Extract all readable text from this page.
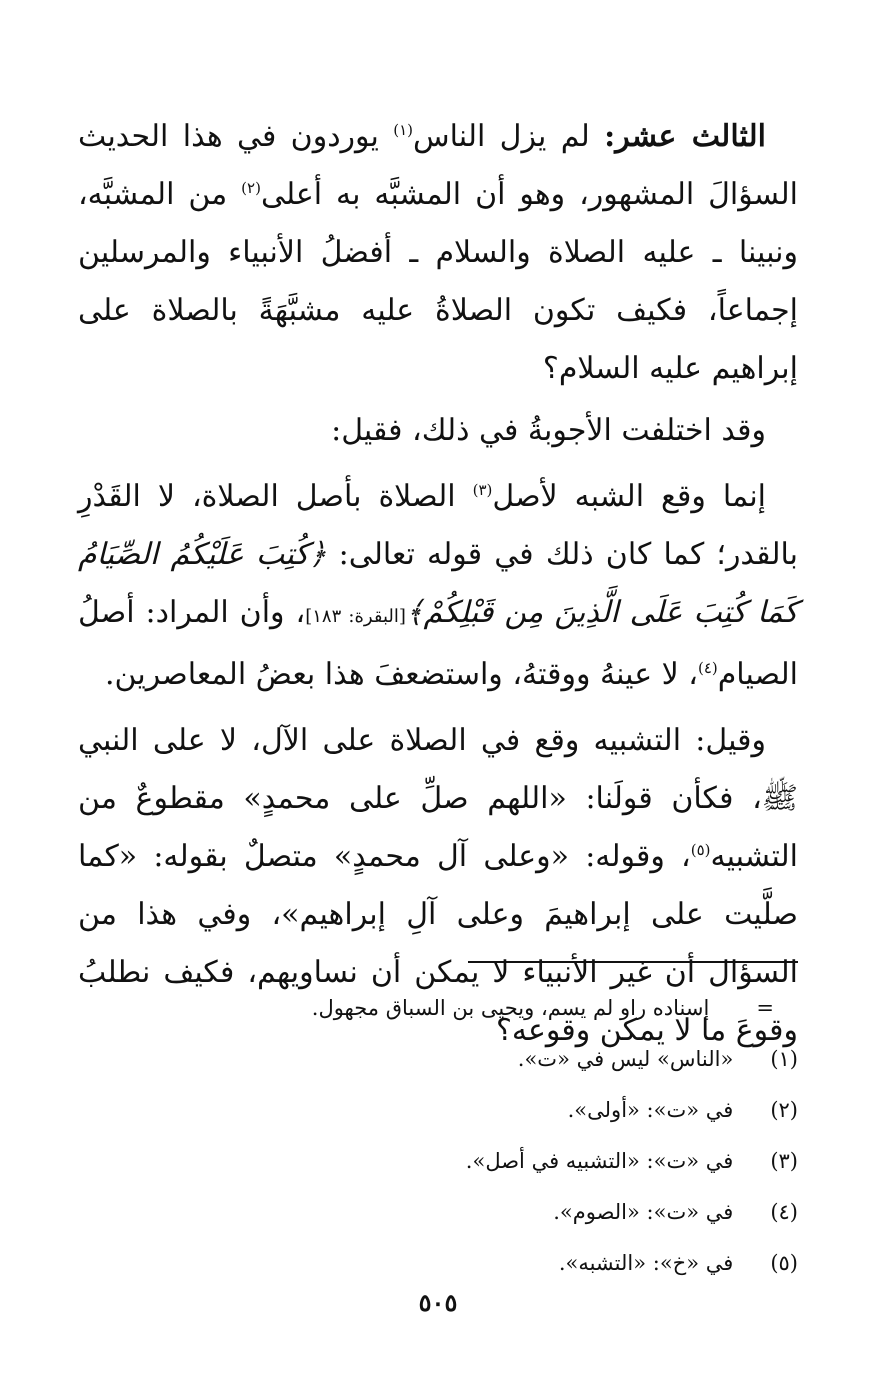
الثالث عشر: لم يزل الناس$^{(١)}$ يوردون في هذا الحديث السؤالَ المشهور، وهو أن المشبَّه به أعلى$^{(٢)}$ من المشبَّه، ونبينا ـ عليه الصلاة والسلام ـ أفضلُ الأنبياء والمرسلين إجماعاً، فكيف تكون الصلاةُ عليه مشبَّهَةً بالصلاة على إبراهيم عليه السلام؟

وقد اختلفت الأجوبةُ في ذلك، فقيل:

إنما وقع الشبه لأصل$^{(٣)}$ الصلاة بأصل الصلاة، لا القَدْرِ بالقدر؛ كما كان ذلك في قوله تعالى: ﴿كُتِبَ عَلَيْكُمُ الصِّيَامُ كَمَا كُتِبَ عَلَى الَّذِينَ مِن قَبْلِكُمْ﴾[البقرة: ١٨٣]، وأن المراد: أصلُ الصيام$^{(٤)}$، لا عينهُ ووقتهُ، واستضعفَ هذا بعضُ المعاصرين.

وقيل: التشبيه وقع في الصلاة على الآل، لا على النبي ﷺ، فكأن قولَنا: «اللهم صلِّ على محمدٍ» مقطوعٌ من التشبيه$^{(٥)}$، وقوله: «وعلى آل محمدٍ» متصلٌ بقوله: «كما صلَّيت على إبراهيمَ وعلى آلِ إبراهيم»، وفي هذا من السؤال أن غير الأنبياء لا يمكن أن نساويهم، فكيف نطلبُ وقوعَ ما لا يمكن وقوعه؟

= إسناده راو لم يسم، ويحيى بن السباق مجهول.
(١) «الناس» ليس في «ت».
(٢) في «ت»: «أولى».
(٣) في «ت»: «التشبيه في أصل».
(٤) في «ت»: «الصوم».
(٥) في «خ»: «التشبه».
٥٠٥
